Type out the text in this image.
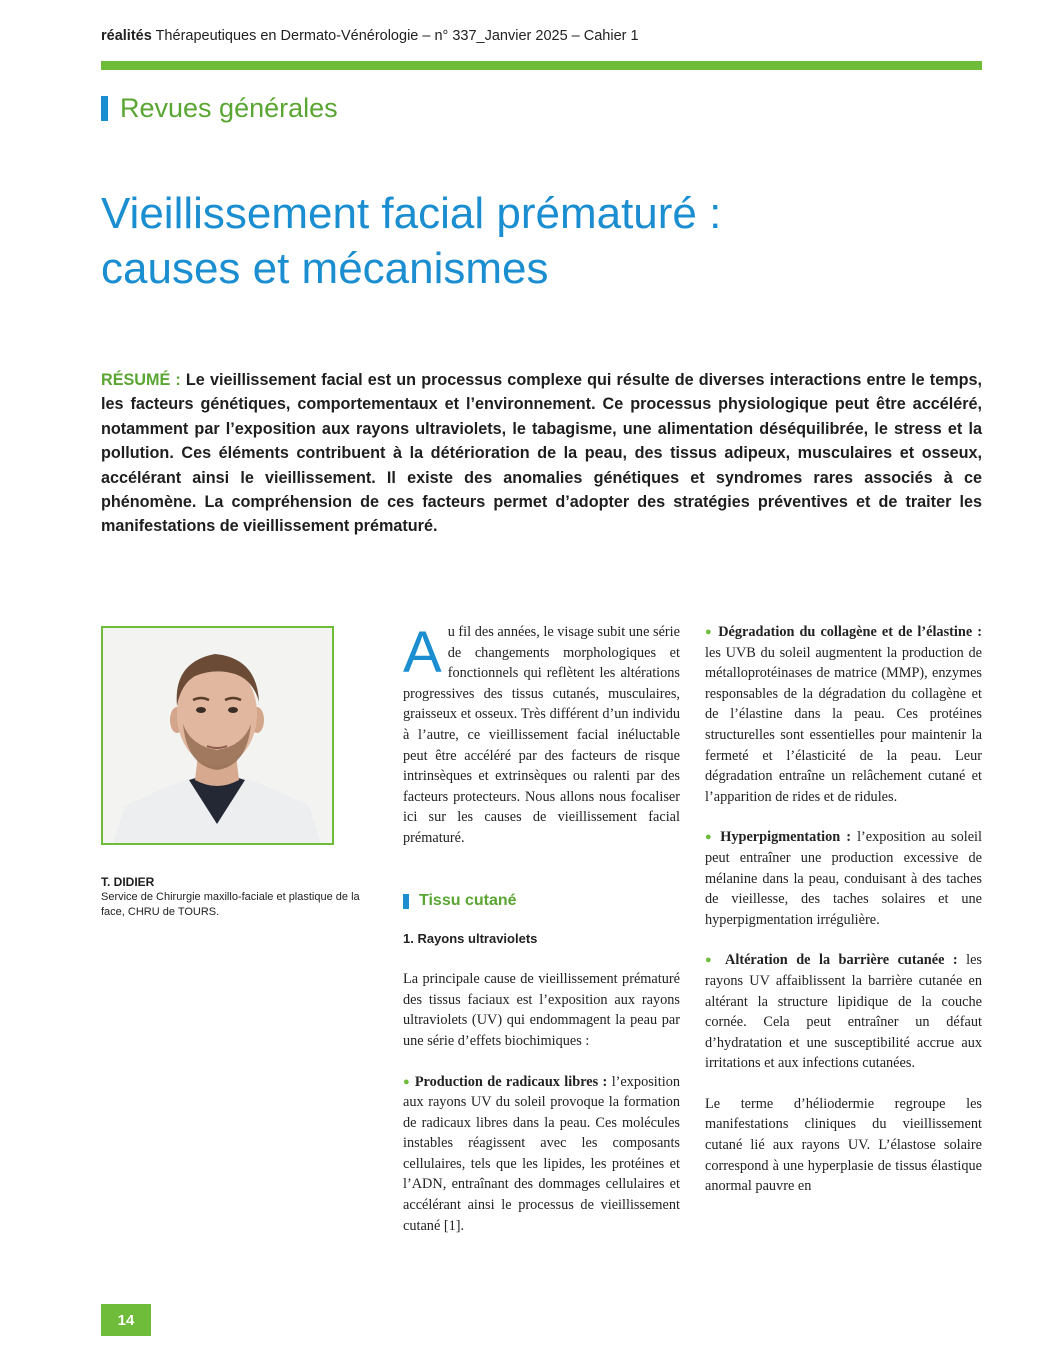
réalités Thérapeutiques en Dermato-Vénérologie – n° 337_Janvier 2025 – Cahier 1
Revues générales
Vieillissement facial prématuré :
causes et mécanismes

RÉSUMÉ : Le vieillissement facial est un processus complexe qui résulte de diverses interactions entre le temps, les facteurs génétiques, comportementaux et l’environnement. Ce processus physiologique peut être accéléré, notamment par l’exposition aux rayons ultraviolets, le tabagisme, une alimentation déséquilibrée, le stress et la pollution. Ces éléments contribuent à la détérioration de la peau, des tissus adipeux, musculaires et osseux, accélérant ainsi le vieillissement. Il existe des anomalies génétiques et syndromes rares associés à ce phénomène. La compréhension de ces facteurs permet d’adopter des stratégies préventives et de traiter les manifestations de vieillissement prématuré.

T. DIDIER
Service de Chirurgie maxillo-faciale et plastique de la face, CHRU de TOURS.

Au fil des années, le visage subit une série de changements morphologiques et fonctionnels qui reflètent les altérations progressives des tissus cutanés, musculaires, graisseux et osseux. Très différent d’un individu à l’autre, ce vieillissement facial inéluctable peut être accéléré par des facteurs de risque intrinsèques et extrinsèques ou ralenti par des facteurs protecteurs. Nous allons nous focaliser ici sur les causes de vieillissement facial prématuré.

Tissu cutané
1. Rayons ultraviolets

La principale cause de vieillissement prématuré des tissus faciaux est l’exposition aux rayons ultraviolets (UV) qui endommagent la peau par une série d’effets biochimiques :

● Production de radicaux libres : l’exposition aux rayons UV du soleil provoque la formation de radicaux libres dans la peau. Ces molécules instables réagissent avec les composants cellulaires, tels que les lipides, les protéines et l’ADN, entraînant des dommages cellulaires et accélérant ainsi le processus de vieillissement cutané [1].

● Dégradation du collagène et de l’élastine : les UVB du soleil augmentent la production de métalloprotéinases de matrice (MMP), enzymes responsables de la dégradation du collagène et de l’élastine dans la peau. Ces protéines structurelles sont essentielles pour maintenir la fermeté et l’élasticité de la peau. Leur dégradation entraîne un relâchement cutané et l’apparition de rides et de ridules.

● Hyperpigmentation : l’exposition au soleil peut entraîner une production excessive de mélanine dans la peau, conduisant à des taches de vieillesse, des taches solaires et une hyperpigmentation irrégulière.

● Altération de la barrière cutanée : les rayons UV affaiblissent la barrière cutanée en altérant la structure lipidique de la couche cornée. Cela peut entraîner un défaut d’hydratation et une susceptibilité accrue aux irritations et aux infections cutanées.

Le terme d’héliodermie regroupe les manifestations cliniques du vieillissement cutané lié aux rayons UV. L’élastose solaire correspond à une hyperplasie de tissus élastique anormal pauvre en

14
